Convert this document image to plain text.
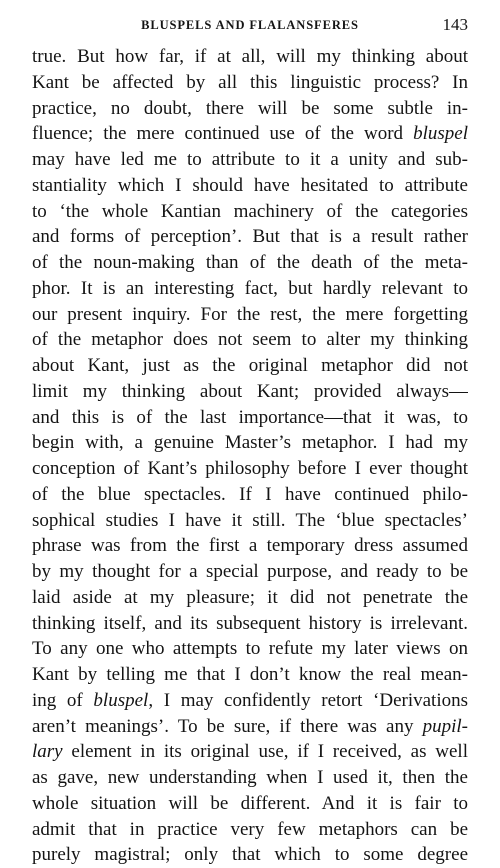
BLUSPELS AND FLALANSFERES	143
true. But how far, if at all, will my thinking about
Kant be affected by all this linguistic process? In
practice, no doubt, there will be some subtle in-
fluence; the mere continued use of the word bluspel
may have led me to attribute to it a unity and sub-
stantiality which I should have hesitated to attribute
to ‘the whole Kantian machinery of the categories
and forms of perception’. But that is a result rather
of the noun-making than of the death of the meta-
phor. It is an interesting fact, but hardly relevant to
our present inquiry. For the rest, the mere forgetting
of the metaphor does not seem to alter my thinking
about Kant, just as the original metaphor did not
limit my thinking about Kant; provided always—
and this is of the last importance—that it was, to
begin with, a genuine Master’s metaphor. I had my
conception of Kant’s philosophy before I ever thought
of the blue spectacles. If I have continued philo-
sophical studies I have it still. The ‘blue spectacles’
phrase was from the first a temporary dress assumed
by my thought for a special purpose, and ready to be
laid aside at my pleasure; it did not penetrate the
thinking itself, and its subsequent history is irrelevant.
To any one who attempts to refute my later views on
Kant by telling me that I don’t know the real mean-
ing of bluspel, I may confidently retort ‘Derivations
aren’t meanings’. To be sure, if there was any pupil-
lary element in its original use, if I received, as well
as gave, new understanding when I used it, then the
whole situation will be different. And it is fair to
admit that in practice very few metaphors can be
purely magistral; only that which to some degree
